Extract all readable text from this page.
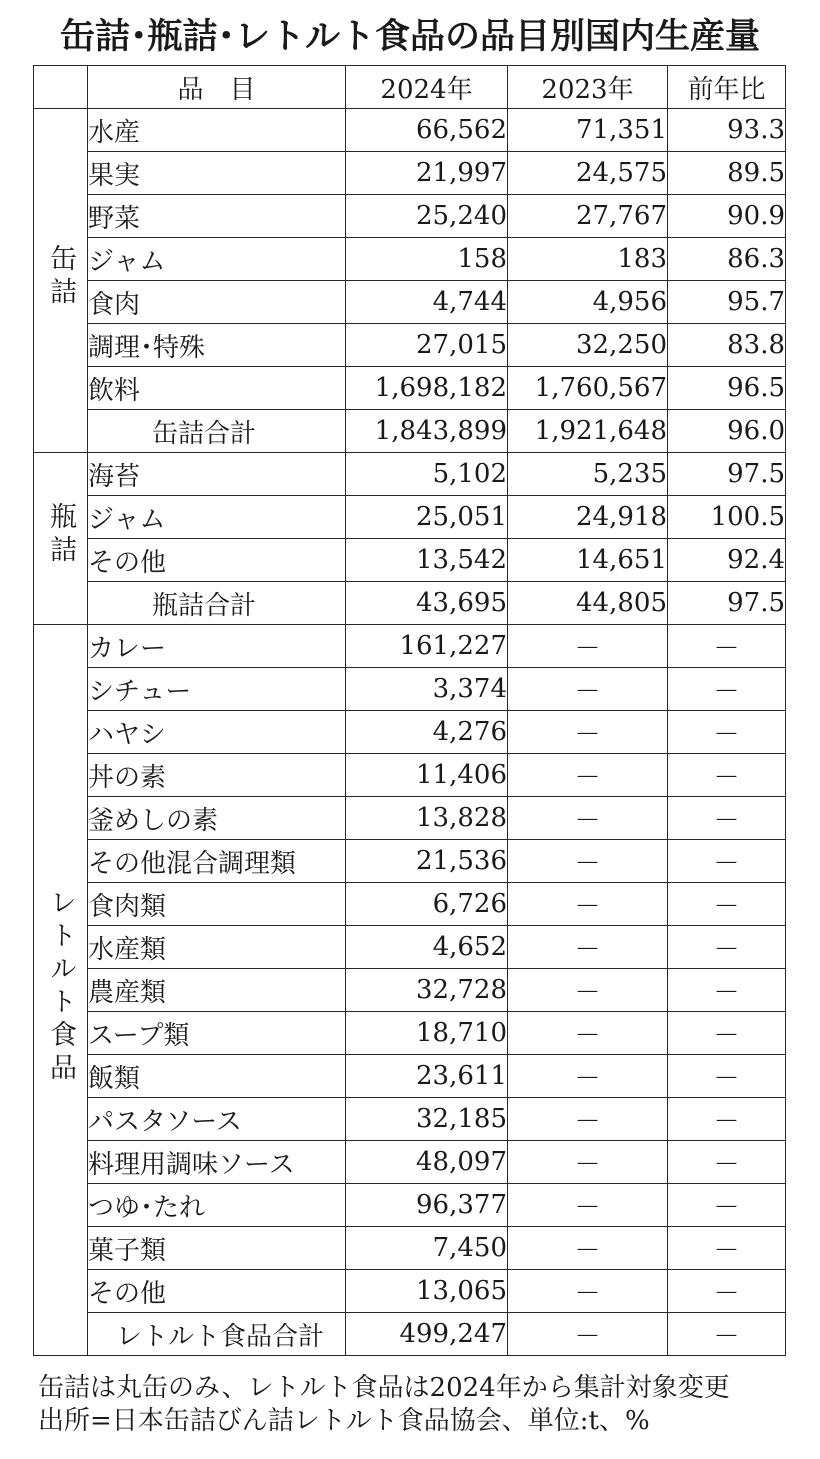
缶詰･瓶詰･レトルト食品の品目別国内生産量
	品　目	2024年	2023年	前年比
缶詰	水産	66,562	71,351	93.3
	果実	21,997	24,575	89.5
	野菜	25,240	27,767	90.9
	ジャム	158	183	86.3
	食肉	4,744	4,956	95.7
	調理･特殊	27,015	32,250	83.8
	飲料	1,698,182	1,760,567	96.5
	缶詰合計	1,843,899	1,921,648	96.0
瓶詰	海苔	5,102	5,235	97.5
	ジャム	25,051	24,918	100.5
	その他	13,542	14,651	92.4
	瓶詰合計	43,695	44,805	97.5
レトルト食品	カレー	161,227	－	－
	シチュー	3,374	－	－
	ハヤシ	4,276	－	－
	丼の素	11,406	－	－
	釜めしの素	13,828	－	－
	その他混合調理類	21,536	－	－
	食肉類	6,726	－	－
	水産類	4,652	－	－
	農産類	32,728	－	－
	スープ類	18,710	－	－
	飯類	23,611	－	－
	パスタソース	32,185	－	－
	料理用調味ソース	48,097	－	－
	つゆ･たれ	96,377	－	－
	菓子類	7,450	－	－
	その他	13,065	－	－
	レトルト食品合計	499,247	－	－
缶詰は丸缶のみ、レトルト食品は2024年から集計対象変更
出所=日本缶詰びん詰レトルト食品協会、単位:t、%
